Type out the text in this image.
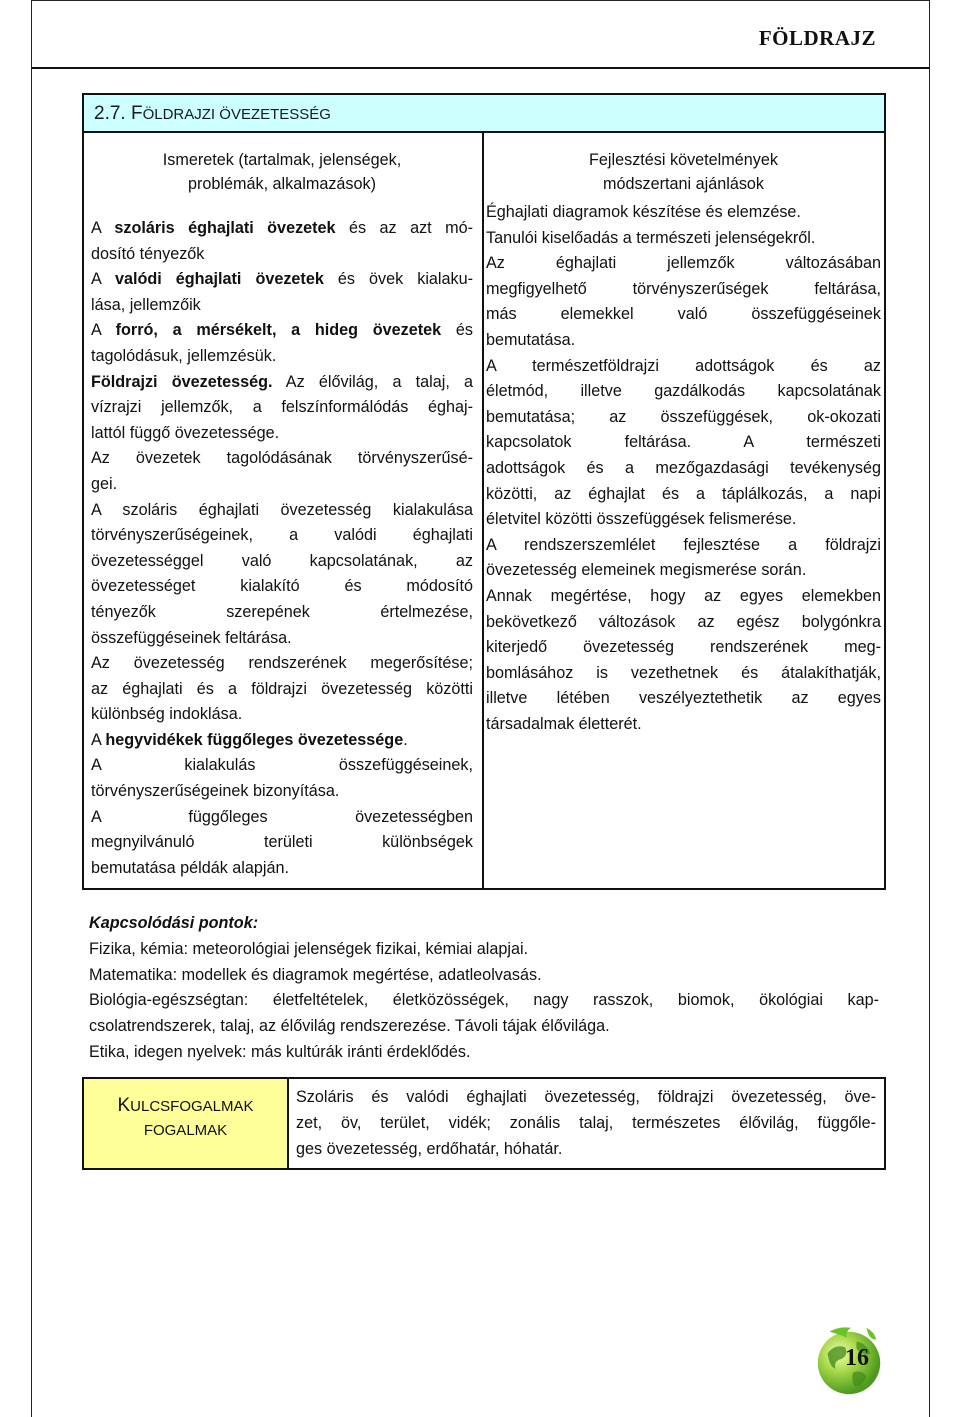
FÖLDRAJZ
2.7. FÖLDRAJZI ÖVEZETESSÉG
Ismeretek (tartalmak, jelenségek,
problémák, alkalmazások)

A szoláris éghajlati övezetek és az azt mó-

dosító tényezők

A valódi éghajlati övezetek és övek kialaku-

lása, jellemzőik

A forró, a mérsékelt, a hideg övezetek és

tagolódásuk, jellemzésük.

Földrajzi övezetesség. Az élővilág, a talaj, a

vízrajzi jellemzők, a felszínformálódás éghaj-

lattól függő övezetessége.

Az övezetek tagolódásának törvényszerűsé-

gei.

A szoláris éghajlati övezetesség kialakulása

törvényszerűségeinek, a valódi éghajlati

övezetességgel való kapcsolatának, az

övezetességet kialakító és módosító

tényezők szerepének értelmezése,

összefüggéseinek feltárása.

Az övezetesség rendszerének megerősítése;

az éghajlati és a földrajzi övezetesség közötti

különbség indoklása.

A hegyvidékek függőleges övezetessége.

A kialakulás összefüggéseinek,

törvényszerűségeinek bizonyítása.

A függőleges övezetességben

megnyilvánuló területi különbségek

bemutatása példák alapján.

Fejlesztési követelmények
módszertani ajánlások

Éghajlati diagramok készítése és elemzése.

Tanulói kiselőadás a természeti jelenségekről.

Az éghajlati jellemzők változásában

megfigyelhető törvényszerűségek feltárása,

más elemekkel való összefüggéseinek

bemutatása.

A természetföldrajzi adottságok és az

életmód, illetve gazdálkodás kapcsolatának

bemutatása; az összefüggések, ok-okozati

kapcsolatok feltárása. A természeti

adottságok és a mezőgazdasági tevékenység

közötti, az éghajlat és a táplálkozás, a napi

életvitel közötti összefüggések felismerése.

A rendszerszemlélet fejlesztése a földrajzi

övezetesség elemeinek megismerése során.

Annak megértése, hogy az egyes elemekben

bekövetkező változások az egész bolygónkra

kiterjedő övezetesség rendszerének meg-

bomlásához is vezethetnek és átalakíthatják,

illetve létében veszélyeztethetik az egyes

társadalmak életterét.

Kapcsolódási pontok:

Fizika, kémia: meteorológiai jelenségek fizikai, kémiai alapjai.

Matematika: modellek és diagramok megértése, adatleolvasás.

Biológia-egészségtan: életfeltételek, életközösségek, nagy rasszok, biomok, ökológiai kap-

csolatrendszerek, talaj, az élővilág rendszerezése. Távoli tájak élővilága.

Etika, idegen nyelvek: más kultúrák iránti érdeklődés.

KULCSFOGALMAK
FOGALMAK

Szoláris és valódi éghajlati övezetesség, földrajzi övezetesség, öve-

zet, öv, terület, vidék; zonális talaj, természetes élővilág, függőle-

ges övezetesség, erdőhatár, hóhatár.

16
